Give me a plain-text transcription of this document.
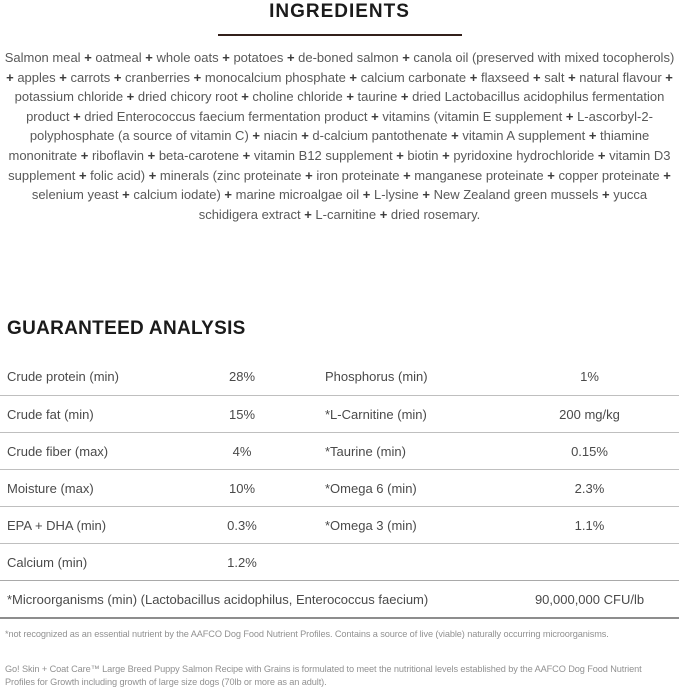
INGREDIENTS

Salmon meal + oatmeal + whole oats + potatoes + de-boned salmon + canola oil (preserved with mixed tocopherols) + apples + carrots + cranberries + monocalcium phosphate + calcium carbonate + flaxseed + salt + natural flavour + potassium chloride + dried chicory root + choline chloride + taurine + dried Lactobacillus acidophilus fermentation product + dried Enterococcus faecium fermentation product + vitamins (vitamin E supplement + L-ascorbyl-2-polyphosphate (a source of vitamin C) + niacin + d-calcium pantothenate + vitamin A supplement + thiamine mononitrate + riboflavin + beta-carotene + vitamin B12 supplement + biotin + pyridoxine hydrochloride + vitamin D3 supplement + folic acid) + minerals (zinc proteinate + iron proteinate + manganese proteinate + copper proteinate + selenium yeast + calcium iodate) + marine microalgae oil + L-lysine + New Zealand green mussels + yucca schidigera extract + L-carnitine + dried rosemary.

GUARANTEED ANALYSIS
Crude protein (min)	28%	Phosphorus (min)	1%
Crude fat (min)	15%	*L-Carnitine (min)	200 mg/kg
Crude fiber (max)	4%	*Taurine (min)	0.15%
Moisture (max)	10%	*Omega 6 (min)	2.3%
EPA + DHA (min)	0.3%	*Omega 3 (min)	1.1%
Calcium (min)	1.2%
*Microorganisms (min) (Lactobacillus acidophilus, Enterococcus faecium)	90,000,000 CFU/lb

*not recognized as an essential nutrient by the AAFCO Dog Food Nutrient Profiles. Contains a source of live (viable) naturally occurring microorganisms.

Go! Skin + Coat Care™ Large Breed Puppy Salmon Recipe with Grains is formulated to meet the nutritional levels established by the AAFCO Dog Food Nutrient Profiles for Growth including growth of large size dogs (70lb or more as an adult).
